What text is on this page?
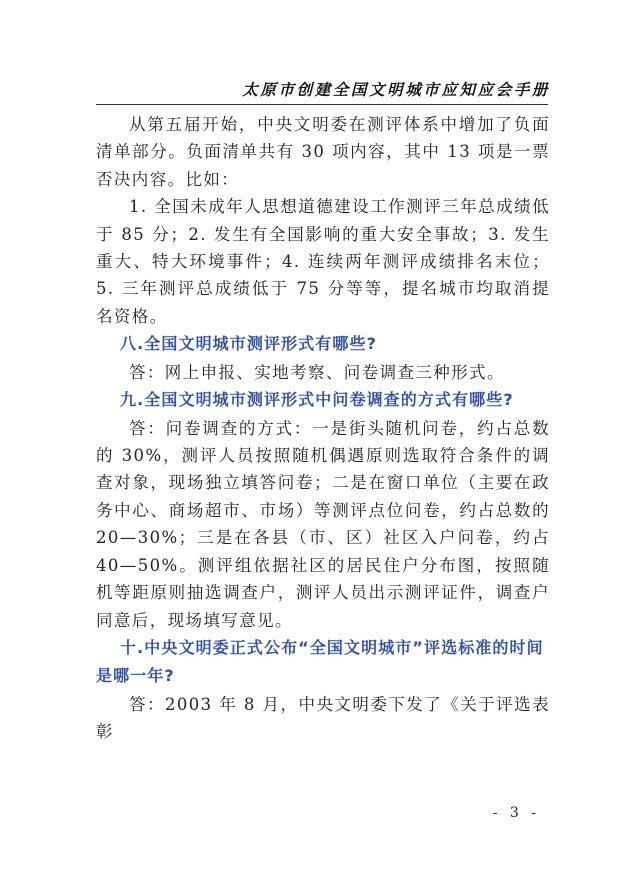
太原市创建全国文明城市应知应会手册

从第五届开始，中央文明委在测评体系中增加了负面清单部分。负面清单共有 30 项内容，其中 13 项是一票否决内容。比如：

1. 全国未成年人思想道德建设工作测评三年总成绩低于 85 分；2. 发生有全国影响的重大安全事故；3. 发生重大、特大环境事件；4. 连续两年测评成绩排名末位；5. 三年测评总成绩低于 75 分等等，提名城市均取消提名资格。

八.全国文明城市测评形式有哪些?

答：网上申报、实地考察、问卷调查三种形式。

九.全国文明城市测评形式中问卷调查的方式有哪些?

答：问卷调查的方式：一是街头随机问卷，约占总数的 30%，测评人员按照随机偶遇原则选取符合条件的调查对象，现场独立填答问卷；二是在窗口单位（主要在政务中心、商场超市、市场）等测评点位问卷，约占总数的 20—30%；三是在各县（市、区）社区入户问卷，约占 40—50%。测评组依据社区的居民住户分布图，按照随机等距原则抽选调查户，测评人员出示测评证件，调查户同意后，现场填写意见。

十.中央文明委正式公布“全国文明城市”评选标准的时间是哪一年?

答：2003 年 8 月，中央文明委下发了《关于评选表彰

- 3 -
